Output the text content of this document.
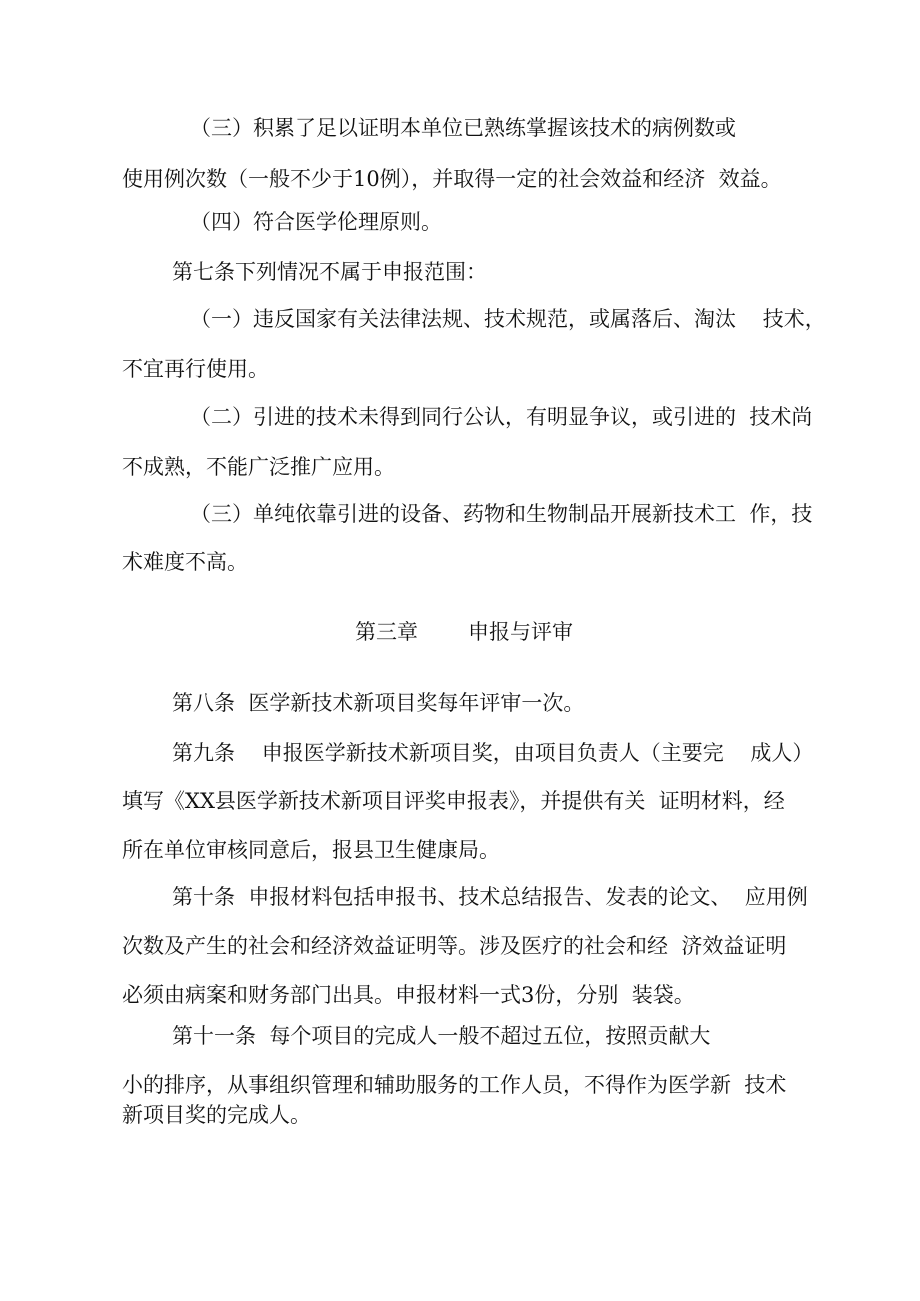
（三）积累了足以证明本单位已熟练掌握该技术的病例数或
使用例次数（一般不少于10例），并取得一定的社会效益和经济  效益。
（四）符合医学伦理原则。
第七条下列情况不属于申报范围：
（一）违反国家有关法律法规、技术规范，或属落后、淘汰    技术，
不宜再行使用。
（二）引进的技术未得到同行公认，有明显争议，或引进的  技术尚
不成熟，不能广泛推广应用。
（三）单纯依靠引进的设备、药物和生物制品开展新技术工  作，技
术难度不高。
第三章 申报与评审
第八条  医学新技术新项目奖每年评审一次。
第九条    申报医学新技术新项目奖，由项目负责人（主要完    成人）
填写《XX县医学新技术新项目评奖申报表》，并提供有关  证明材料，经
所在单位审核同意后，报县卫生健康局。
第十条  申报材料包括申报书、技术总结报告、发表的论文、  应用例
次数及产生的社会和经济效益证明等。涉及医疗的社会和经  济效益证明
必须由病案和财务部门出具。申报材料一式3份，分别  装袋。
第十一条  每个项目的完成人一般不超过五位，按照贡献大
小的排序，从事组织管理和辅助服务的工作人员，不得作为医学新  技术
新项目奖的完成人。
